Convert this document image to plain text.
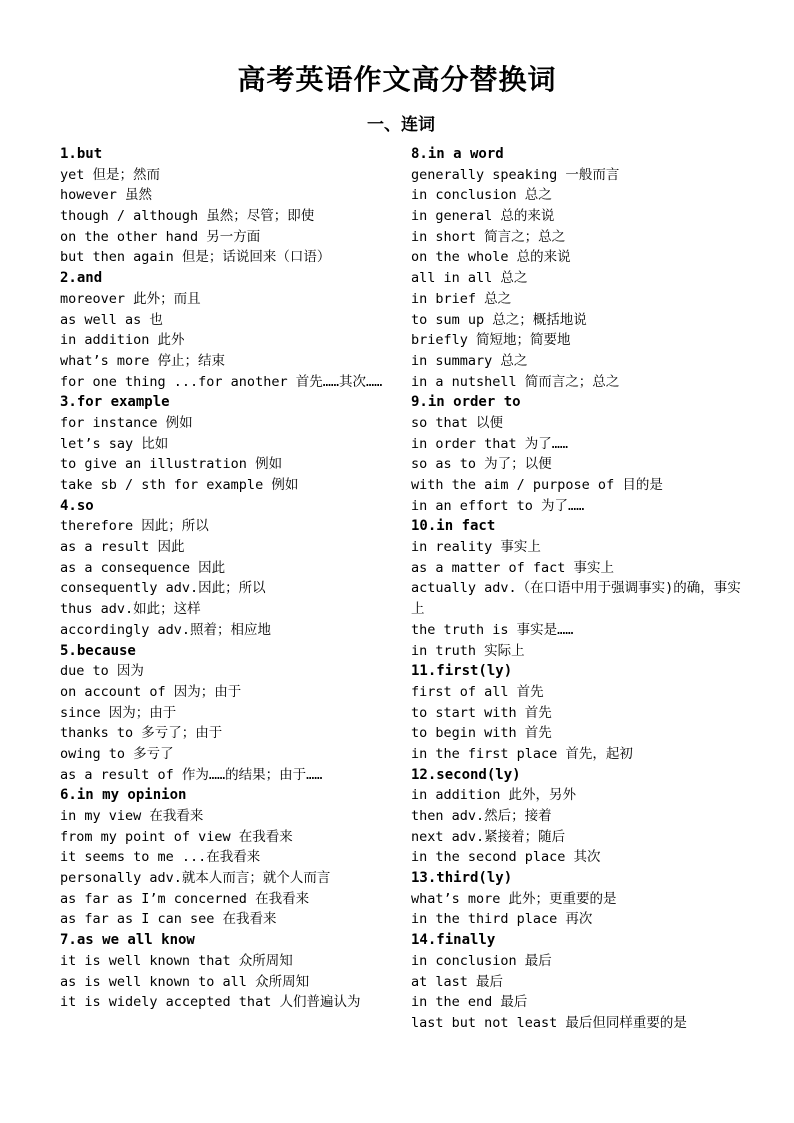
高考英语作文高分替换词
一、连词
1.but
yet 但是；然而
however 虽然
though / although 虽然；尽管；即使
on the other hand 另一方面
but then again 但是；话说回来（口语）
2.and
moreover 此外；而且
as well as 也
in addition 此外
what’s more 停止；结束
for one thing ...for another 首先……其次……
3.for example
for instance 例如
let’s say 比如
to give an illustration 例如
take sb / sth for example 例如
4.so
therefore 因此；所以
as a result 因此
as a consequence 因此
consequently adv.因此；所以
thus adv.如此；这样
accordingly adv.照着；相应地
5.because
due to 因为
on account of 因为；由于
since 因为；由于
thanks to 多亏了；由于
owing to 多亏了
as a result of 作为……的结果；由于……
6.in my opinion
in my view 在我看来
from my point of view 在我看来
it seems to me ...在我看来
personally adv.就本人而言；就个人而言
as far as I’m concerned 在我看来
as far as I can see 在我看来
7.as we all know
it is well known that 众所周知
as is well known to all 众所周知
it is widely accepted that 人们普遍认为
8.in a word
generally speaking 一般而言
in conclusion 总之
in general 总的来说
in short 简言之；总之
on the whole 总的来说
all in all 总之
in brief 总之
to sum up 总之；概括地说
briefly 简短地；简要地
in summary 总之
in a nutshell 简而言之；总之
9.in order to
so that 以便
in order that 为了……
so as to 为了；以便
with the aim / purpose of 目的是
in an effort to 为了……
10.in fact
in reality 事实上
as a matter of fact 事实上
actually adv.（在口语中用于强调事实)的确，事实上
the truth is 事实是……
in truth 实际上
11.first(ly)
first of all 首先
to start with 首先
to begin with 首先
in the first place 首先，起初
12.second(ly)
in addition 此外，另外
then adv.然后；接着
next adv.紧接着；随后
in the second place 其次
13.third(ly)
what’s more 此外；更重要的是
in the third place 再次
14.finally
in conclusion 最后
at last 最后
in the end 最后
last but not least 最后但同样重要的是
